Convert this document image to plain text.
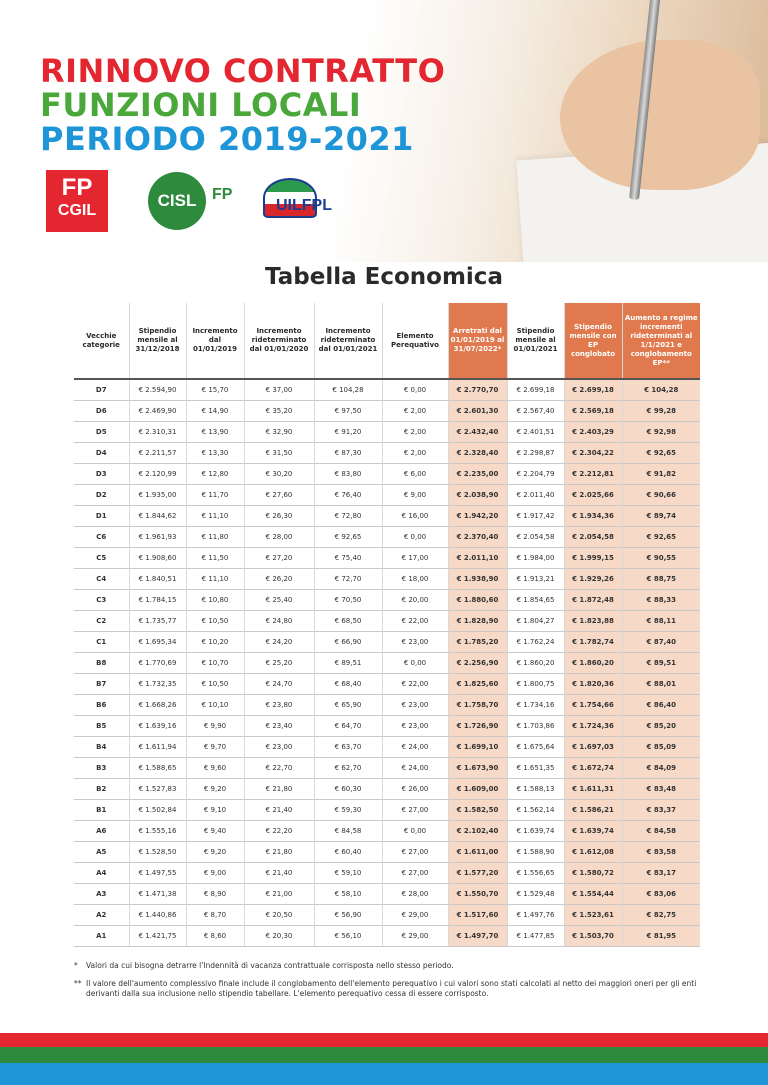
RINNOVO CONTRATTO
FUNZIONI LOCALI
PERIODO 2019-2021
FP
CGIL
CISL FP
UILFPL
Tabella Economica
Vecchie categorie	Stipendio mensile al 31/12/2018	Incremento dal 01/01/2019	Incremento rideterminato dal 01/01/2020	Incremento rideterminato dal 01/01/2021	Elemento Perequativo	Arretrati dal 01/01/2019 al 31/07/2022*	Stipendio mensile al 01/01/2021	Stipendio mensile con EP conglobato	Aumento a regime incrementi rideterminati al 1/1/2021 e conglobamento EP**
D7	€ 2.594,90	€ 15,70	€ 37,00	€ 104,28	€ 0,00	€ 2.770,70	€ 2.699,18	€ 2.699,18	€ 104,28
D6	€ 2.469,90	€ 14,90	€ 35,20	€ 97,50	€ 2,00	€ 2.601,30	€ 2.567,40	€ 2.569,18	€ 99,28
D5	€ 2.310,31	€ 13,90	€ 32,90	€ 91,20	€ 2,00	€ 2.432,40	€ 2.401,51	€ 2.403,29	€ 92,98
D4	€ 2.211,57	€ 13,30	€ 31,50	€ 87,30	€ 2,00	€ 2.328,40	€ 2.298,87	€ 2.304,22	€ 92,65
D3	€ 2.120,99	€ 12,80	€ 30,20	€ 83,80	€ 6,00	€ 2.235,00	€ 2.204,79	€ 2.212,81	€ 91,82
D2	€ 1.935,00	€ 11,70	€ 27,60	€ 76,40	€ 9,00	€ 2.038,90	€ 2.011,40	€ 2.025,66	€ 90,66
D1	€ 1.844,62	€ 11,10	€ 26,30	€ 72,80	€ 16,00	€ 1.942,20	€ 1.917,42	€ 1.934,36	€ 89,74
C6	€ 1.961,93	€ 11,80	€ 28,00	€ 92,65	€ 0,00	€ 2.370,40	€ 2.054,58	€ 2.054,58	€ 92,65
C5	€ 1.908,60	€ 11,50	€ 27,20	€ 75,40	€ 17,00	€ 2.011,10	€ 1.984,00	€ 1.999,15	€ 90,55
C4	€ 1.840,51	€ 11,10	€ 26,20	€ 72,70	€ 18,00	€ 1.938,90	€ 1.913,21	€ 1.929,26	€ 88,75
C3	€ 1.784,15	€ 10,80	€ 25,40	€ 70,50	€ 20,00	€ 1.880,60	€ 1.854,65	€ 1.872,48	€ 88,33
C2	€ 1.735,77	€ 10,50	€ 24,80	€ 68,50	€ 22,00	€ 1.828,90	€ 1.804,27	€ 1.823,88	€ 88,11
C1	€ 1.695,34	€ 10,20	€ 24,20	€ 66,90	€ 23,00	€ 1.785,20	€ 1.762,24	€ 1.782,74	€ 87,40
B8	€ 1.770,69	€ 10,70	€ 25,20	€ 89,51	€ 0,00	€ 2.256,90	€ 1.860,20	€ 1.860,20	€ 89,51
B7	€ 1.732,35	€ 10,50	€ 24,70	€ 68,40	€ 22,00	€ 1.825,60	€ 1.800,75	€ 1.820,36	€ 88,01
B6	€ 1.668,26	€ 10,10	€ 23,80	€ 65,90	€ 23,00	€ 1.758,70	€ 1.734,16	€ 1.754,66	€ 86,40
B5	€ 1.639,16	€ 9,90	€ 23,40	€ 64,70	€ 23,00	€ 1.726,90	€ 1.703,86	€ 1.724,36	€ 85,20
B4	€ 1.611,94	€ 9,70	€ 23,00	€ 63,70	€ 24,00	€ 1.699,10	€ 1.675,64	€ 1.697,03	€ 85,09
B3	€ 1.588,65	€ 9,60	€ 22,70	€ 62,70	€ 24,00	€ 1.673,90	€ 1.651,35	€ 1.672,74	€ 84,09
B2	€ 1.527,83	€ 9,20	€ 21,80	€ 60,30	€ 26,00	€ 1.609,00	€ 1.588,13	€ 1.611,31	€ 83,48
B1	€ 1.502,84	€ 9,10	€ 21,40	€ 59,30	€ 27,00	€ 1.582,50	€ 1.562,14	€ 1.586,21	€ 83,37
A6	€ 1.555,16	€ 9,40	€ 22,20	€ 84,58	€ 0,00	€ 2.102,40	€ 1.639,74	€ 1.639,74	€ 84,58
A5	€ 1.528,50	€ 9,20	€ 21,80	€ 60,40	€ 27,00	€ 1.611,00	€ 1.588,90	€ 1.612,08	€ 83,58
A4	€ 1.497,55	€ 9,00	€ 21,40	€ 59,10	€ 27,00	€ 1.577,20	€ 1.556,65	€ 1.580,72	€ 83,17
A3	€ 1.471,38	€ 8,90	€ 21,00	€ 58,10	€ 28,00	€ 1.550,70	€ 1.529,48	€ 1.554,44	€ 83,06
A2	€ 1.440,86	€ 8,70	€ 20,50	€ 56,90	€ 29,00	€ 1.517,60	€ 1.497,76	€ 1.523,61	€ 82,75
A1	€ 1.421,75	€ 8,60	€ 20,30	€ 56,10	€ 29,00	€ 1.497,70	€ 1.477,85	€ 1.503,70	€ 81,95
* Valori da cui bisogna detrarre l'Indennità di vacanza contrattuale corrisposta nello stesso periodo.
** Il valore dell'aumento complessivo finale include il conglobamento dell'elemento perequativo i cui valori sono stati calcolati al netto dei maggiori oneri per gli enti derivanti dalla sua inclusione nello stipendio tabellare. L'elemento perequativo cessa di essere corrisposto.
